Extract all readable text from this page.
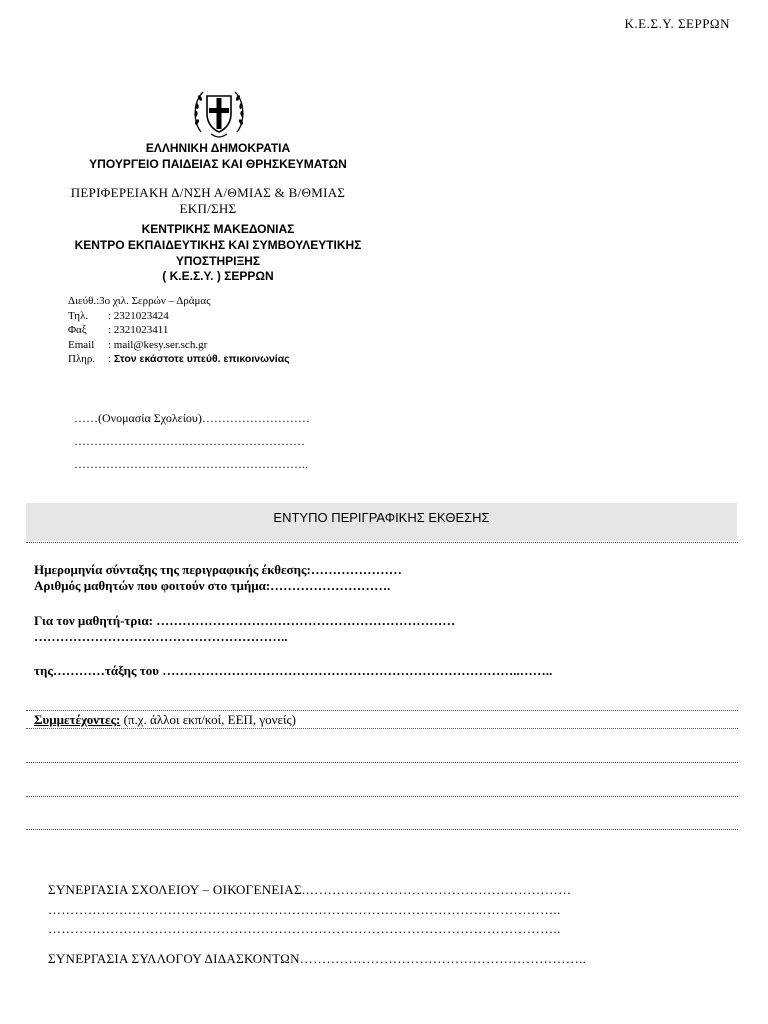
Κ.Ε.Σ.Υ. ΣΕΡΡΩΝ
ΕΛΛΗΝΙΚΗ ΔΗΜΟΚΡΑΤΙΑ
ΥΠΟΥΡΓΕΙΟ ΠΑΙΔΕΙΑΣ ΚΑΙ ΘΡΗΣΚΕΥΜΑΤΩΝ
ΠΕΡΙΦΕΡΕΙΑΚΗ Δ/ΝΣΗ Α/ΘΜΙΑΣ & Β/ΘΜΙΑΣ
ΕΚΠ/ΣΗΣ
ΚΕΝΤΡΙΚΗΣ ΜΑΚΕΔΟΝΙΑΣ
ΚΕΝΤΡΟ ΕΚΠΑΙΔΕΥΤΙΚΗΣ ΚΑΙ ΣΥΜΒΟΥΛΕΥΤΙΚΗΣ
ΥΠΟΣΤΗΡΙΞΗΣ
( Κ.Ε.Σ.Υ. ) ΣΕΡΡΩΝ
Διεύθ.:3ο χιλ. Σερρών – Δράμας
Τηλ.	: 2321023424
Φαξ	: 2321023411
Email	: mail@kesy.ser.sch.gr
Πληρ.	: Στον εκάστοτε υπεύθ. επικοινωνίας
……(Ονομασία Σχολείου)………………………
……………………….…………………………
…………………………………………………..
ΕΝΤΥΠΟ ΠΕΡΙΓΡΑΦΙΚΗΣ ΕΚΘΕΣΗΣ
Ημερομηνία σύνταξης της περιγραφικής έκθεσης:…………………
Αριθμός μαθητών που φοιτούν στο τμήμα:……………………….
Για τον μαθητή-τρια: ……………………………………………………………
…………………………………………………..
της…………τάξης του ………………………………………………………………………..……..
Συμμετέχοντες: (π.χ. άλλοι εκπ/κοί, ΕΕΠ, γονείς)
ΣΥΝΕΡΓΑΣΙΑ ΣΧΟΛΕΙΟΥ – ΟΙΚΟΓΕΝΕΙΑΣ.……………………………………………………
……………………………………………………………………………………………………..
……………………………………………………………………………………………………..
ΣΥΝΕΡΓΑΣΙΑ ΣΥΛΛΟΓΟΥ ΔΙΔΑΣΚΟΝΤΩΝ………………………………………………………..
